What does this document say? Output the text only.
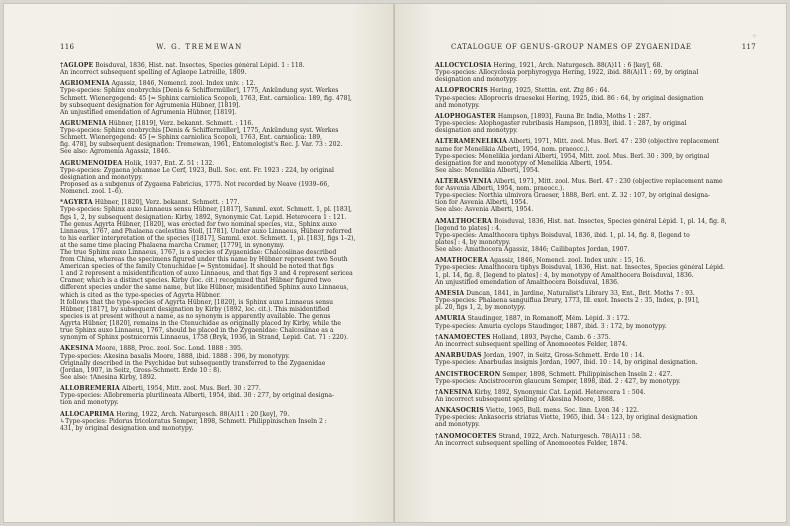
116	W. G. TREMEWAN
†AGLOPE Boisduval, 1836, Hist. nat. Insectes, Species général Lépid. 1 : 118.
An incorrect subsequent spelling of Aglaope Latreille, 1809.
AGRIOMENIA Agassiz, 1846, Nomencl. zool. Index univ. : 12.
Type-species: Sphinx onobrychis [Denis & Schiffermüller], 1775, Ankündung syst. Werkes
Schmett. Wienergegend: 45 [= Sphinx carniolica Scopoli, 1763, Ent. carniolica: 189, fig. 478],
by subsequent designation for Agrumenia Hübner, [1819].
An unjustified emendation of Agrumenia Hübner, [1819].
AGRUMENIA Hübner, [1819], Verz. bekannt. Schmett. : 116.
Type-species: Sphinx onobrychis [Denis & Schiffermüller], 1775, Ankündung syst. Werkes
Schmett. Wienergegend: 45 [= Sphinx carniolica Scopoli, 1763, Ent. carniolica: 189,
fig. 478], by subsequent designation: Tremewan, 1961, Entomologist's Rec. J. Var. 73 : 202.
See also: Agromenia Agassiz, 1846.
AGRUMENOIDEA Holik, 1937, Ent. Z. 51 : 132.
Type-species: Zygaena johannae Le Cerf, 1923, Bull. Soc. ent. Fr. 1923 : 224, by original
designation and monotypy.
Proposed as a subgenus of Zygaena Fabricius, 1775. Not recorded by Neave (1939–66,
Nomencl. zool. 1–6).
*AGYRTA Hübner, [1820], Verz. bekannt. Schmett. : 177.
Type-species: Sphinx auxo Linnaeus sensu Hübner, [1817], Samml. exot. Schmett. 1, pl. [183],
figs 1, 2, by subsequent designation: Kirby, 1892, Synonymic Cat. Lepid. Heterocera 1 : 121.
The genus Agyrta Hübner, [1820], was erected for two nominal species, viz., Sphinx auxo
Linnaeus, 1767, and Phalaena caelestina Stoll, [1781]. Under auxo Linnaeus, Hübner referred
to his earlier interpretation of the species ([1817], Samml. exot. Schmett. 1, pl. [183], figs 1–2),
at the same time placing Phalaena marcha Cramer, [1779], in synonymy.
The true Sphinx auxo Linnaeus, 1767, is a species of Zygaenidae: Chalcosiinae described
from China, whereas the specimens figured under this name by Hübner represent two South
American species of the family Ctenuchidae [= Syntomidae]. It should be noted that figs
1 and 2 represent a misidentification of auxo Linnaeus, and that figs 3 and 4 represent sericea
Cramer, which is a distinct species. Kirby (loc. cit.) recognized that Hübner figured two
different species under the same name, but like Hübner, misidentified Sphinx auxo Linnaeus,
which is cited as the type-species of Agyrta Hübner.
It follows that the type-species of Agyrta Hübner, [1820], is Sphinx auxo Linnaeus sensu
Hübner, [1817], by subsequent designation by Kirby (1892, loc. cit.). This misidentified
species is at present without a name, as no synonym is apparently available. The genus
Agyrta Hübner, [1820], remains in the Ctenuchidae as originally placed by Kirby, while the
true Sphinx auxo Linnaeus, 1767, should be placed in the Zygaenidae: Chalcosiinae as a
synonym of Sphinx postnicornis Linnaeus, 1758 (Bryk, 1936, in Strand, Lepid. Cat. 71 : 220).
AKESINA Moore, 1888, Proc. zool. Soc. Lond. 1888 : 395.
Type-species: Akesina basalis Moore, 1888, ibid. 1888 : 396, by monotypy.
Originally described in the Psychidae but subsequently transferred to the Zygaenidae
(Jordan, 1907, in Seitz, Gross-Schmett. Erde 10 : 8).
See also: †Anesina Kirby, 1892.
ALLOBREMERIA Alberti, 1954, Mitt. zool. Mus. Berl. 30 : 277.
Type-species: Allobremeria plurilineata Alberti, 1954, ibid. 30 : 277, by original designa-
tion and monotypy.
ALLOCAPRIMA Hering, 1922, Arch. Naturgesch. 88(A)11 : 20 [key], 79.
↳Type-species: Pidorus tricoloratus Semper, 1898, Schmett. Philippinischen Inseln 2 :
431, by original designation and monotypy.
CATALOGUE OF GENUS-GROUP NAMES OF ZYGAENIDAE	117
ALLOCYCLOSIA Hering, 1921, Arch. Naturgesch. 88(A)11 : 6 [key], 68.
Type-species: Allocyclosia porphyrogyga Hering, 1922, ibid. 88(A)11 : 69, by original
designation and monotypy.
ALLOPROCRIS Hering, 1925, Stettin. ent. Ztg 86 : 64.
Type-species: Alloprocris draesekei Hering, 1925, ibid. 86 : 64, by original designation
and monotypy.
ALOPHOGASTER Hampson, [1893], Fauna Br. India, Moths 1 : 287.
Type-species: Alophogaster rubribasis Hampson, [1893], ibid. 1 : 287, by original
designation and monotypy.
ALTERAMENELIKIA Alberti, 1971, Mitt. zool. Mus. Berl. 47 : 230 (objective replacement
name for Menelikia Alberti, 1954, nom. praeocc.).
Type-species: Menelikia jordani Alberti, 1954, Mitt. zool. Mus. Berl. 30 : 309, by original
designation for and monotypy of Menelikia Alberti, 1954.
See also: Menelikia Alberti, 1954.
ALTERASVENIA Alberti, 1971, Mitt. zool. Mus. Berl. 47 : 230 (objective replacement name
for Asvenia Alberti, 1954, nom. praeocc.).
Type-species: Northia ulmivora Graeser, 1888, Berl. ent. Z. 32 : 107, by original designa-
tion for Asvenia Alberti, 1954.
See also: Asvenia Alberti, 1954.
AMALTHOCERA Boisduval, 1836, Hist. nat. Insectes, Species général Lépid. 1, pl. 14, fig. 8,
[legend to plates] : 4.
Type-species: Amalthocera tiphys Boisduval, 1836, ibid. 1, pl. 14, fig. 8, [legend to
plates] : 4, by monotypy.
See also: Amathocera Agassiz, 1846; Cailibaptes Jordan, 1907.
AMATHOCERA Agassiz, 1846, Nomencl. zool. Index univ. : 15, 16.
Type-species: Amalthocera tiphys Boisduval, 1836, Hist. nat. Insectes, Species général Lépid.
1, pl. 14, fig. 8, [legend to plates] : 4, by monotypy of Amalthocera Boisduval, 1836.
An unjustified emendation of Amalthocera Boisduval, 1836.
AMESIA Duncan, 1841, in Jardine, Naturalist's Library 33, Ent., Brit. Moths 7 : 93.
Type-species: Phalaena sanguiflua Drury, 1773, Ill. exot. Insects 2 : 35, Index, p. [91],
pl. 20, figs 1, 2, by monotypy.
AMURIA Staudinger, 1887, in Romanoff, Mém. Lépid. 3 : 172.
Type-species: Amuria cyclops Staudinger, 1887, ibid. 3 : 172, by monotypy.
†ANAMOECTES Holland, 1893, Psyche, Camb. 6 : 375.
An incorrect subsequent spelling of Anomoeotes Felder, 1874.
ANARBUDAS Jordan, 1907, in Seitz, Gross-Schmett. Erde 10 : 14.
Type-species: Anarbudas insignis Jordan, 1907, ibid. 10 : 14, by original designation.
ANCISTROCERON Semper, 1898, Schmett. Philippinischen Inseln 2 : 427.
Type-species: Ancistroceron glaucum Semper, 1898, ibid. 2 : 427, by monotypy.
†ANESINA Kirby, 1892, Synonymic Cat. Lepid. Heterocera 1 : 504.
An incorrect subsequent spelling of Akesina Moore, 1888.
ANKASOCRIS Viette, 1965, Bull. mens. Soc. linn. Lyon 34 : 122.
Type-species: Ankasocris striatus Viette, 1965, ibid. 34 : 123, by original designation
and monotypy.
†ANOMOCOETES Strand, 1922, Arch. Naturgesch. 78(A)11 : 58.
An incorrect subsequent spelling of Anomoeotes Felder, 1874.
⌖
